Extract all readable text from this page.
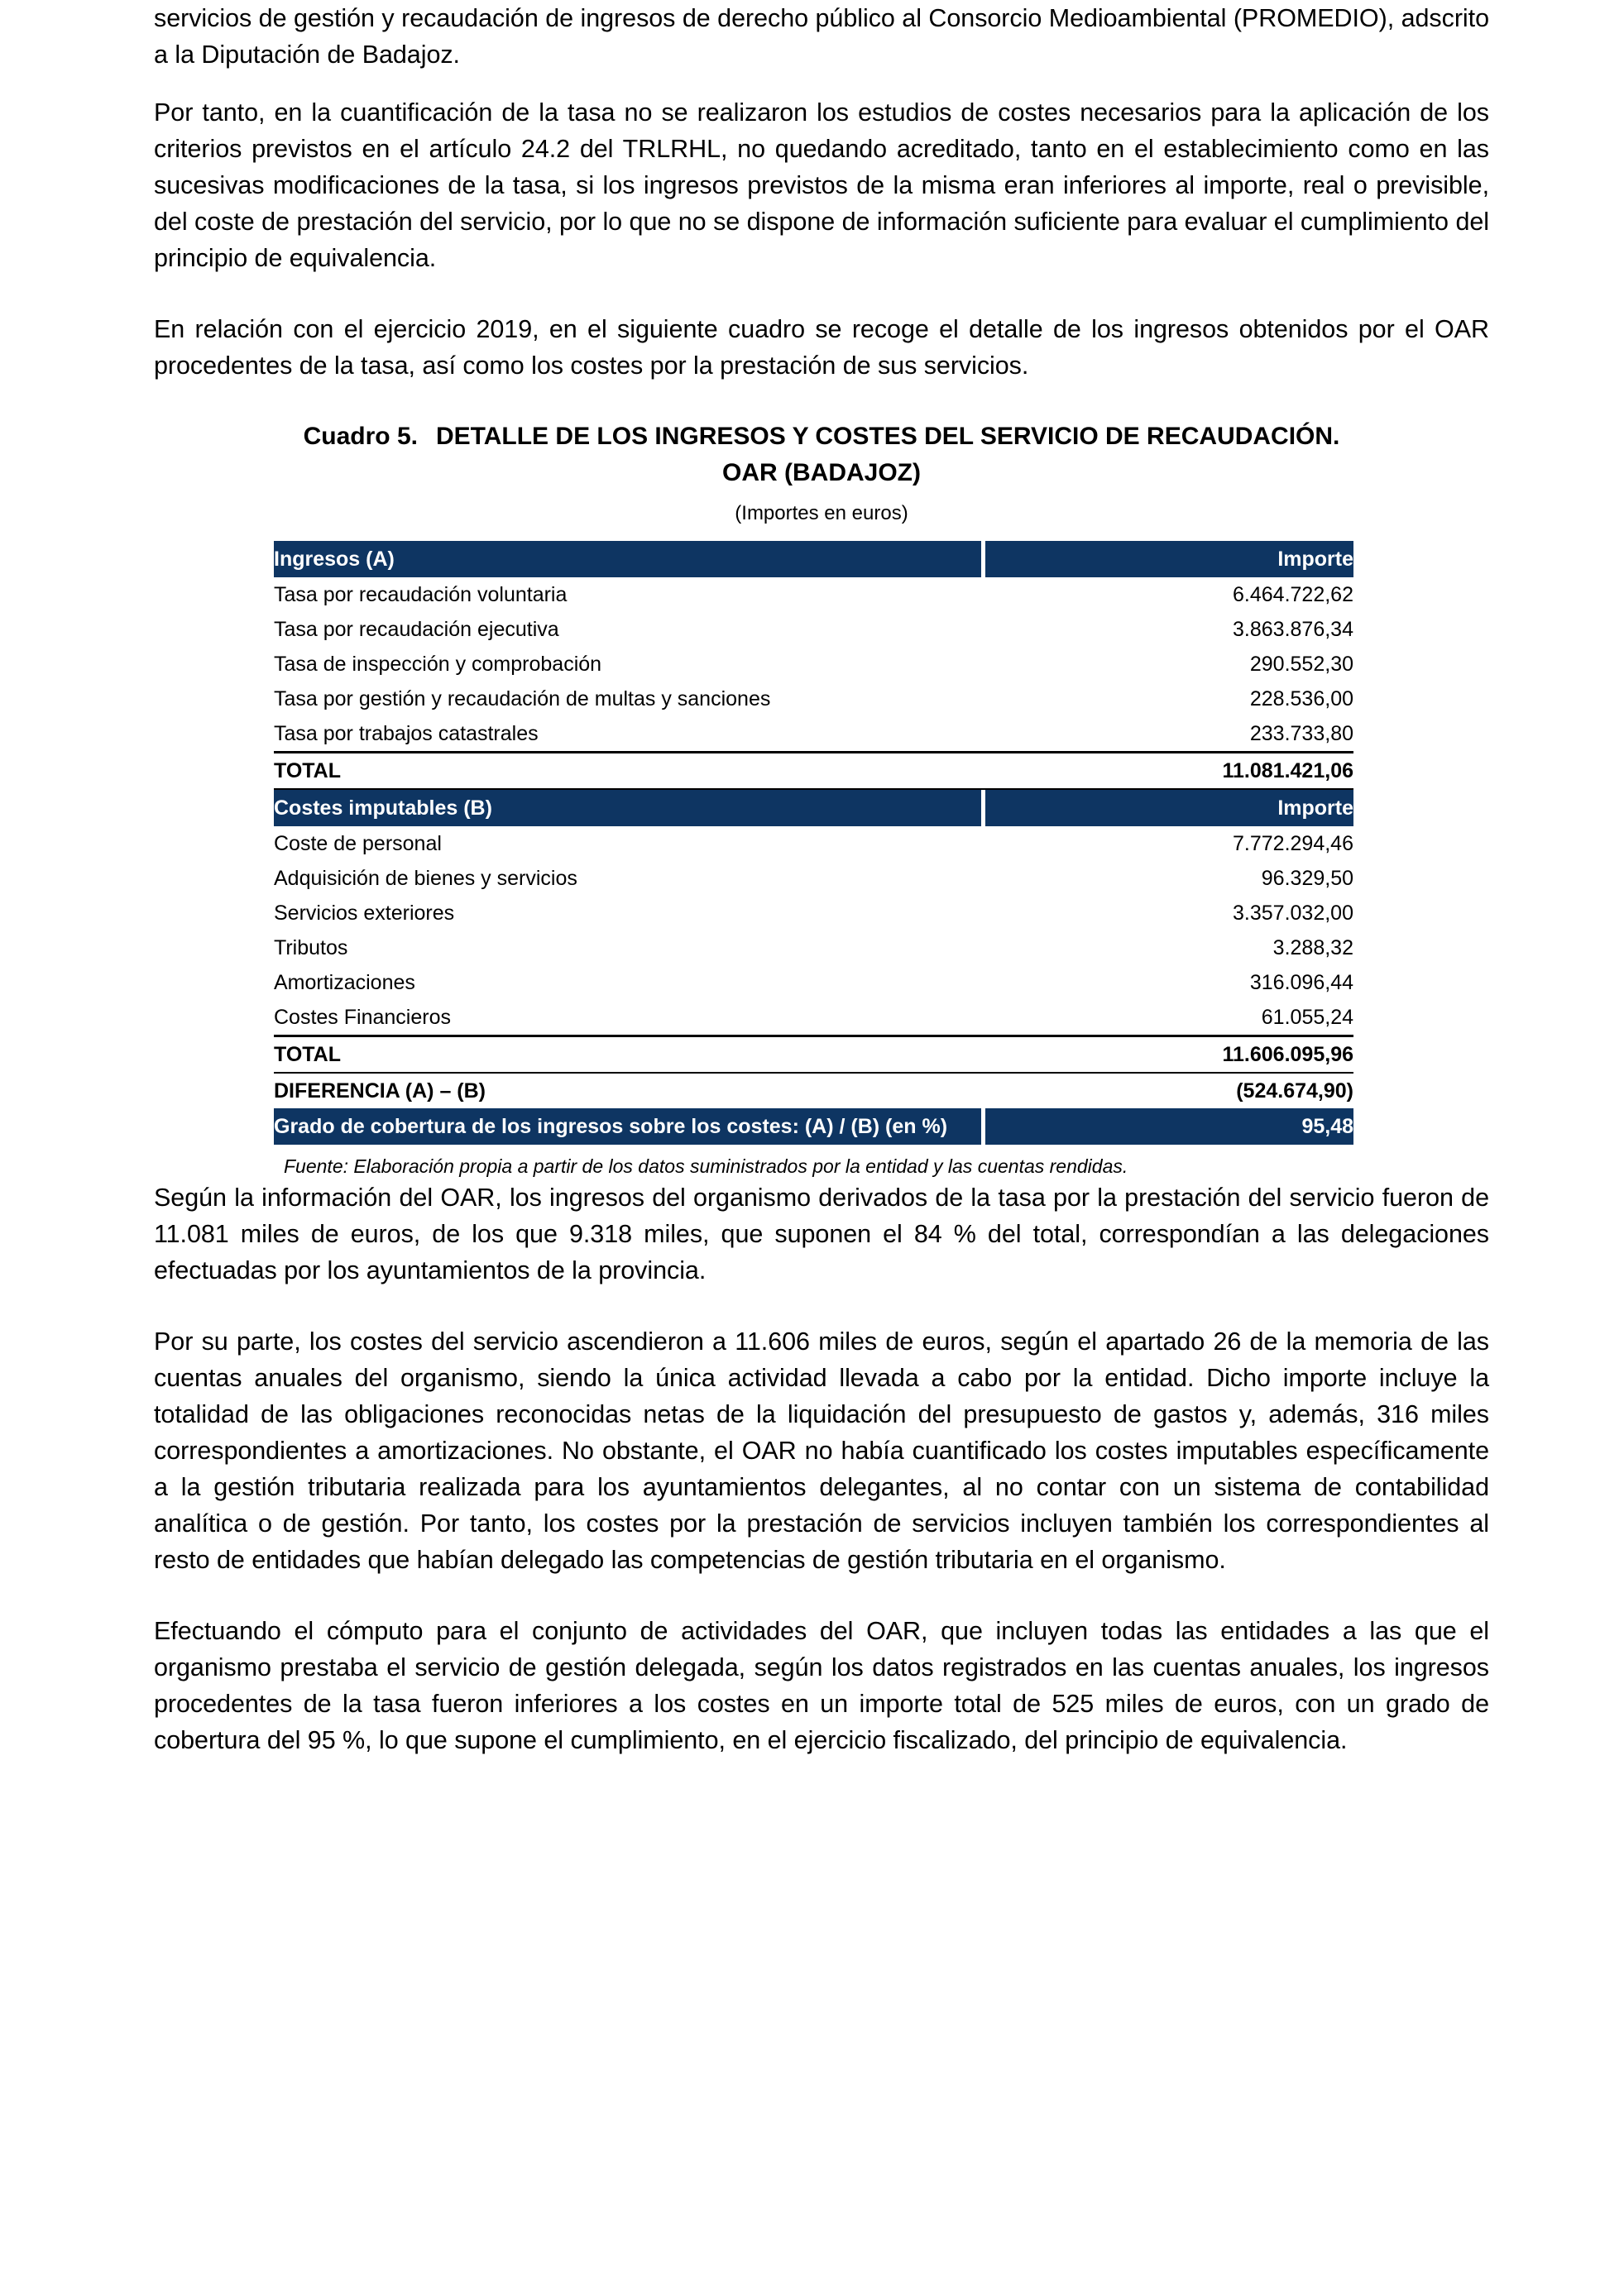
servicios de gestión y recaudación de ingresos de derecho público al Consorcio Medioambiental (PROMEDIO), adscrito a la Diputación de Badajoz.

Por tanto, en la cuantificación de la tasa no se realizaron los estudios de costes necesarios para la aplicación de los criterios previstos en el artículo 24.2 del TRLRHL, no quedando acreditado, tanto en el establecimiento como en las sucesivas modificaciones de la tasa, si los ingresos previstos de la misma eran inferiores al importe, real o previsible, del coste de prestación del servicio, por lo que no se dispone de información suficiente para evaluar el cumplimiento del principio de equivalencia.

En relación con el ejercicio 2019, en el siguiente cuadro se recoge el detalle de los ingresos obtenidos por el OAR procedentes de la tasa, así como los costes por la prestación de sus servicios.

Cuadro 5. DETALLE DE LOS INGRESOS Y COSTES DEL SERVICIO DE RECAUDACIÓN.
OAR (BADAJOZ)
(Importes en euros)
Ingresos (A)		Importe
Tasa por recaudación voluntaria		6.464.722,62
Tasa por recaudación ejecutiva		3.863.876,34
Tasa de inspección y comprobación		290.552,30
Tasa por gestión y recaudación de multas y sanciones		228.536,00
Tasa por trabajos catastrales		233.733,80
TOTAL		11.081.421,06
Costes imputables (B)		Importe
Coste de personal		7.772.294,46
Adquisición de bienes y servicios		96.329,50
Servicios exteriores		3.357.032,00
Tributos		3.288,32
Amortizaciones		316.096,44
Costes Financieros		61.055,24
TOTAL		11.606.095,96
DIFERENCIA (A) – (B)		(524.674,90)
Grado de cobertura de los ingresos sobre los costes: (A) / (B) (en %)		95,48
Fuente: Elaboración propia a partir de los datos suministrados por la entidad y las cuentas rendidas.

Según la información del OAR, los ingresos del organismo derivados de la tasa por la prestación del servicio fueron de 11.081 miles de euros, de los que 9.318 miles, que suponen el 84 % del total, correspondían a las delegaciones efectuadas por los ayuntamientos de la provincia.

Por su parte, los costes del servicio ascendieron a 11.606 miles de euros, según el apartado 26 de la memoria de las cuentas anuales del organismo, siendo la única actividad llevada a cabo por la entidad. Dicho importe incluye la totalidad de las obligaciones reconocidas netas de la liquidación del presupuesto de gastos y, además, 316 miles correspondientes a amortizaciones. No obstante, el OAR no había cuantificado los costes imputables específicamente a la gestión tributaria realizada para los ayuntamientos delegantes, al no contar con un sistema de contabilidad analítica o de gestión. Por tanto, los costes por la prestación de servicios incluyen también los correspondientes al resto de entidades que habían delegado las competencias de gestión tributaria en el organismo.

Efectuando el cómputo para el conjunto de actividades del OAR, que incluyen todas las entidades a las que el organismo prestaba el servicio de gestión delegada, según los datos registrados en las cuentas anuales, los ingresos procedentes de la tasa fueron inferiores a los costes en un importe total de 525 miles de euros, con un grado de cobertura del 95 %, lo que supone el cumplimiento, en el ejercicio fiscalizado, del principio de equivalencia.
